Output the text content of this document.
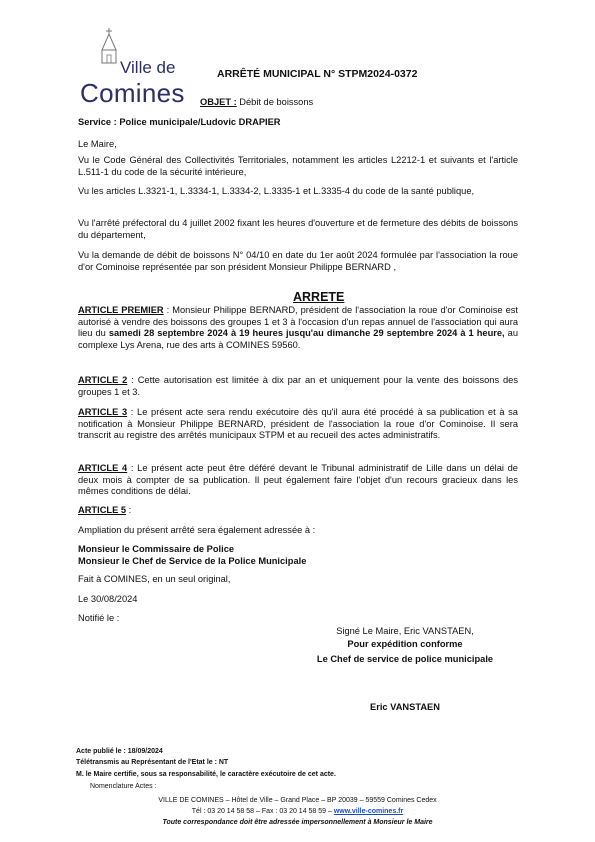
Ville de
Comines
ARRÊTÉ MUNICIPAL N° STPM2024-0372
OBJET : Débit de boissons
Service : Police municipale/Ludovic DRAPIER
Le Maire,
Vu le Code Général des Collectivités Territoriales, notamment les articles L2212-1 et suivants et l'article L.511-1 du code de la sécurité intérieure,
Vu les articles L.3321-1, L.3334-1, L.3334-2, L.3335-1 et L.3335-4 du code de la santé publique,
Vu l'arrêté préfectoral du 4 juillet 2002 fixant les heures d'ouverture et de fermeture des débits de boissons du département,
Vu la demande de débit de boissons N° 04/10 en date du 1er août 2024 formulée par l'association la roue d'or Cominoise représentée par son président Monsieur Philippe BERNARD ,
ARRETE
ARTICLE PREMIER : Monsieur Philippe BERNARD, président de l'association la roue d'or Cominoise est autorisé à vendre des boissons des groupes 1 et 3 à l'occasion d'un repas annuel de l'association qui aura lieu du samedi 28 septembre 2024 à 19 heures jusqu'au dimanche 29 septembre 2024 à 1 heure, au complexe Lys Arena, rue des arts à COMINES 59560.
ARTICLE 2 : Cette autorisation est limitée à dix par an et uniquement pour la vente des boissons des groupes 1 et 3.
ARTICLE 3 : Le présent acte sera rendu exécutoire dès qu'il aura été procédé à sa publication et à sa notification à Monsieur Philippe BERNARD, président de l'association la roue d'or Cominoise. Il sera transcrit au registre des arrêtés municipaux STPM et au recueil des actes administratifs.
ARTICLE 4 : Le présent acte peut être déféré devant le Tribunal administratif de Lille dans un délai de deux mois à compter de sa publication. Il peut également faire l'objet d'un recours gracieux dans les mêmes conditions de délai.
ARTICLE 5 :
Ampliation du présent arrêté sera également adressée à :
Monsieur le Commissaire de Police
Monsieur le Chef de Service de la Police Municipale
Fait à COMINES, en un seul original,
Le 30/08/2024
Notifié le :
Signé Le Maire, Eric VANSTAEN,
Pour expédition conforme
Le Chef de service de police municipale
Eric VANSTAEN
Acte publié le : 18/09/2024
Télétransmis au Représentant de l'Etat le : NT
M. le Maire certifie, sous sa responsabilité, le caractère exécutoire de cet acte.
Nomenclature Actes :
VILLE DE COMINES – Hôtel de Ville – Grand Place – BP 20039 – 59559 Comines Cedex
Tél : 03 20 14 58 58 – Fax : 03 20 14 58 59 – www.ville-comines.fr
Toute correspondance doit être adressée impersonnellement à Monsieur le Maire
